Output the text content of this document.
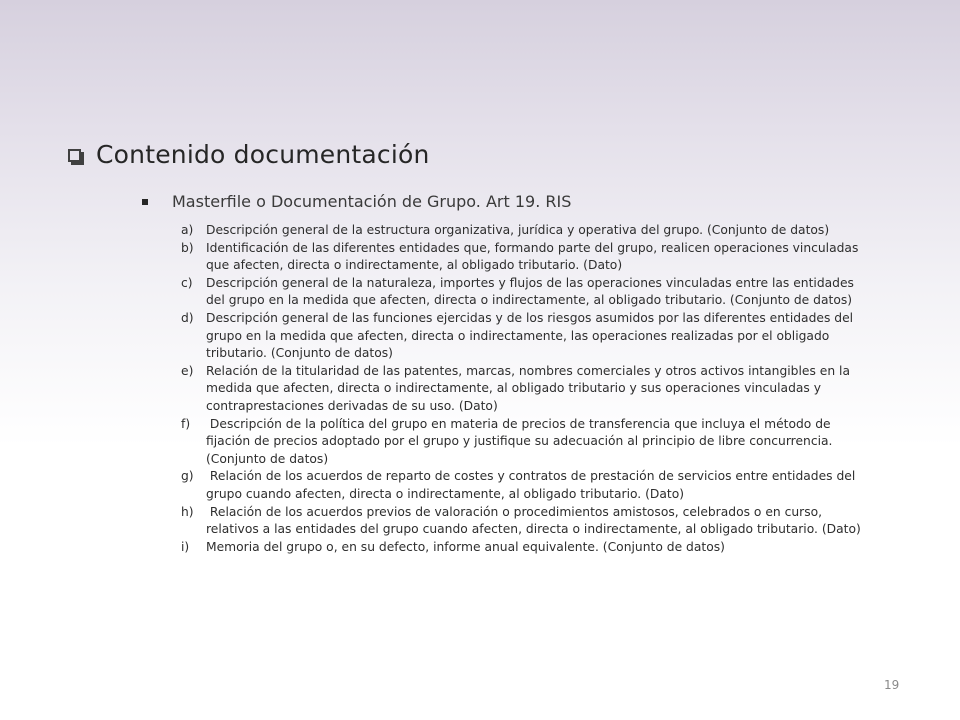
Contenido documentación
Masterfile o Documentación de Grupo. Art 19. RIS
a)	Descripción general de la estructura organizativa, jurídica y operativa del grupo. (Conjunto de datos)
b)	Identificación de las diferentes entidades que, formando parte del grupo, realicen operaciones vinculadas que afecten, directa o indirectamente, al obligado tributario. (Dato)
c)	Descripción general de la naturaleza, importes y flujos de las operaciones vinculadas entre las entidades del grupo en la medida que afecten, directa o indirectamente, al obligado tributario. (Conjunto de datos)
d)	Descripción general de las funciones ejercidas y de los riesgos asumidos por las diferentes entidades del grupo en la medida que afecten, directa o indirectamente, las operaciones realizadas por el obligado tributario. (Conjunto de datos)
e)	Relación de la titularidad de las patentes, marcas, nombres comerciales y otros activos intangibles en la medida que afecten, directa o indirectamente, al obligado tributario y sus operaciones vinculadas y contraprestaciones derivadas de su uso. (Dato)
f)	Descripción de la política del grupo en materia de precios de transferencia que incluya el método de fijación de precios adoptado por el grupo y justifique su adecuación al principio de libre concurrencia. (Conjunto de datos)
g)	Relación de los acuerdos de reparto de costes y contratos de prestación de servicios entre entidades del grupo cuando afecten, directa o indirectamente, al obligado tributario. (Dato)
h)	Relación de los acuerdos previos de valoración o procedimientos amistosos, celebrados o en curso, relativos a las entidades del grupo cuando afecten, directa o indirectamente, al obligado tributario. (Dato)
i)	Memoria del grupo o, en su defecto, informe anual equivalente. (Conjunto de datos)
19
